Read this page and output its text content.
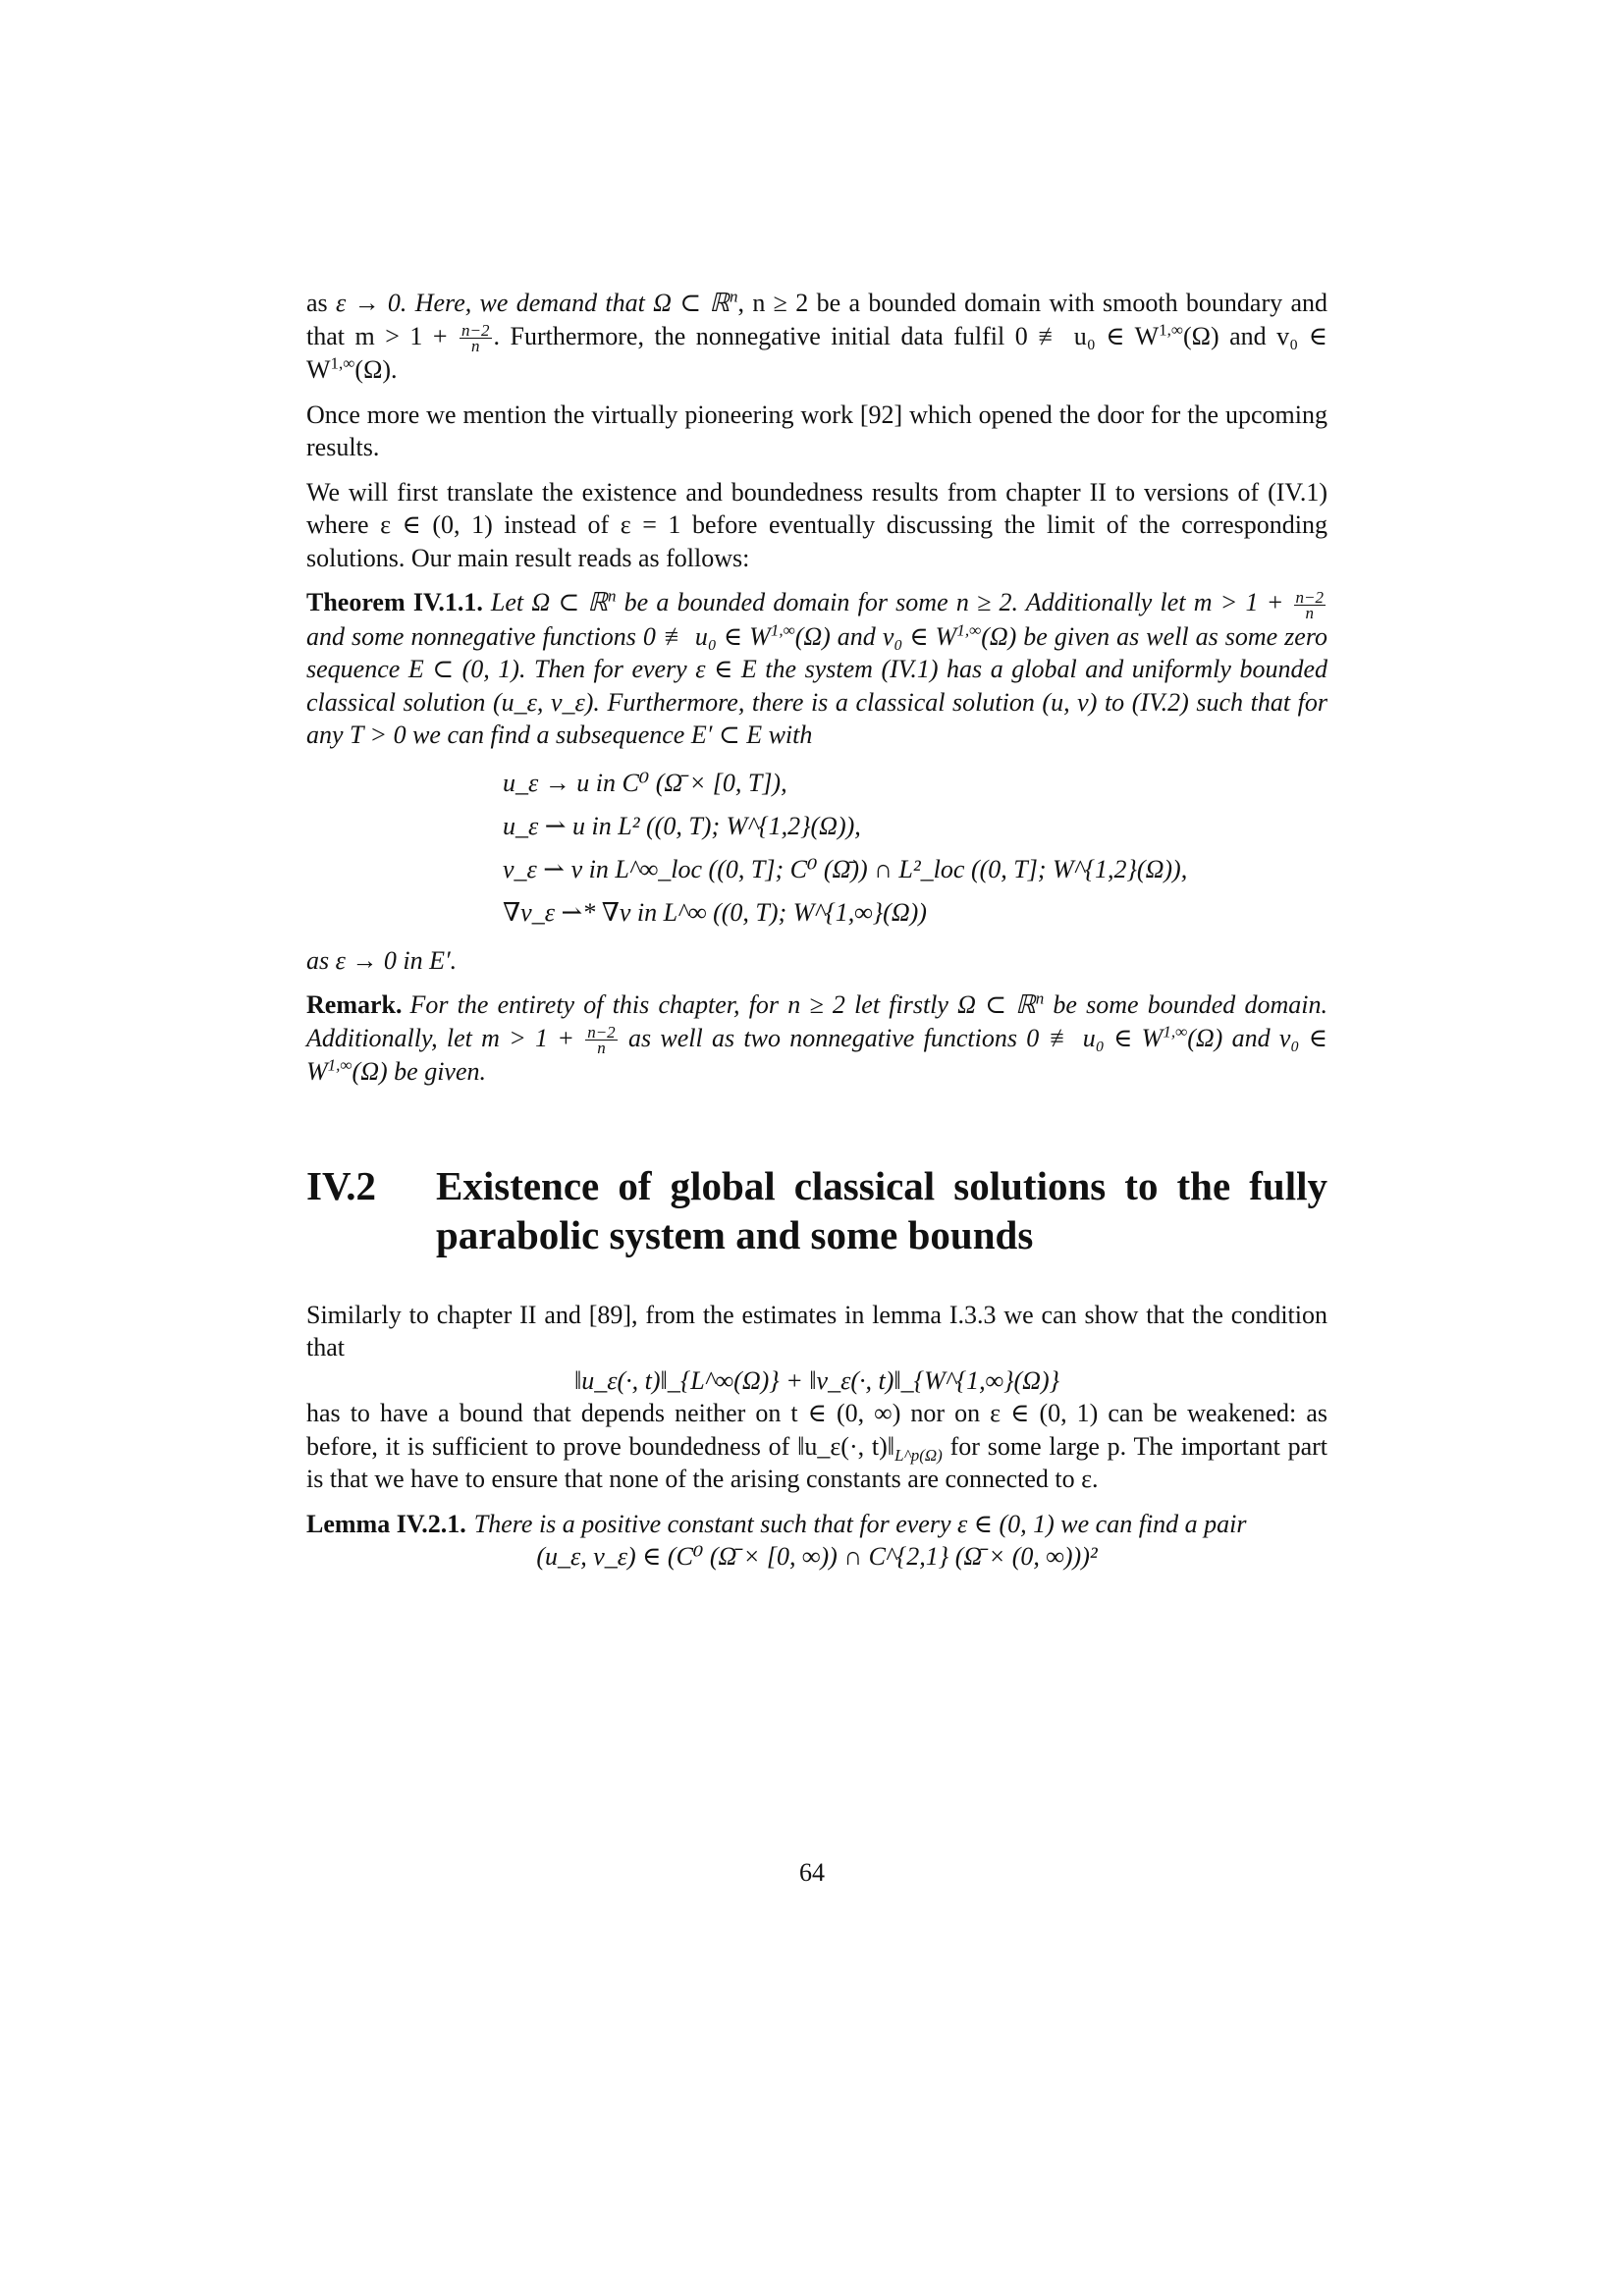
as ε → 0. Here, we demand that Ω ⊂ ℝ$^n$, n ≥ 2 be a bounded domain with smooth boundary and that $m > 1 + \frac{n-2}{n}$ . Furthermore, the nonnegative initial data fulfil 0 ≢ u₀ ∈ $W^{1,\infty}(\Omega)$ and v₀ ∈ $W^{1,\infty}(\Omega)$.

Once more we mention the virtually pioneering work [92] which opened the door for the upcoming results.

We will first translate the existence and boundedness results from chapter II to versions of (IV.1) where ε ∈ (0, 1) instead of ε = 1 before eventually discussing the limit of the corresponding solutions. Our main result reads as follows:

Theorem IV.1.1. Let Ω ⊂ ℝ$^n$ be a bounded domain for some n ≥ 2. Additionally let $m > 1 + \frac{n-2}{n}$
and some nonnegative functions 0 ≢ u₀ ∈ $W^{1,\infty}(\Omega)$ and v₀ ∈ $W^{1,\infty}(\Omega)$ be given as well as some zero sequence E ⊂ (0, 1). Then for every ε ∈ E the system (IV.1) has a global and uniformly bounded classical solution (u_ε, v_ε). Furthermore, there is a classical solution (u, v) to (IV.2) such that for any T > 0 we can find a subsequence E′ ⊂ E with
u_ε → u in C⁰ (Ω̄ × [0, T]),
u_ε ⇀ u in L² ((0, T); W^{1,2}(Ω)),
v_ε ⇀ v in L^∞_loc ((0, T]; C⁰ (Ω̄)) ∩ L²_loc ((0, T]; W^{1,2}(Ω)),
∇v_ε ⇀* ∇v in L^∞ ((0, T); W^{1,∞}(Ω))

as ε → 0 in E′.

Remark. For the entirety of this chapter, for n ≥ 2 let firstly Ω ⊂ ℝ$^n$ be some bounded domain. Additionally, let $m > 1 + \frac{n-2}{n}$ as well as two nonnegative functions 0 ≢ u₀ ∈ $W^{1,\infty}(\Omega)$ and v₀ ∈ $W^{1,\infty}(\Omega)$ be given.
IV.2	Existence of global classical solutions to the fully parabolic system and some bounds

Similarly to chapter II and [89], from the estimates in lemma I.3.3 we can show that the condition that

‖u_ε(·, t)‖_{L^∞(Ω)} + ‖v_ε(·, t)‖_{W^{1,∞}(Ω)}

has to have a bound that depends neither on t ∈ (0, ∞) nor on ε ∈ (0, 1) can be weakened: as before, it is sufficient to prove boundedness of ‖u_ε(·, $t)‖_{L\^{}p(\Omega)}$ for some large p. The important part is that we have to ensure that none of the arising constants are connected to ε.

Lemma IV.2.1. There is a positive constant such that for every ε ∈ (0, 1) we can find a pair
(u_ε, v_ε) ∈ (C⁰ (Ω̄ × [0, ∞)) ∩ C^{2,1} (Ω̄ × (0, ∞)))²
64
